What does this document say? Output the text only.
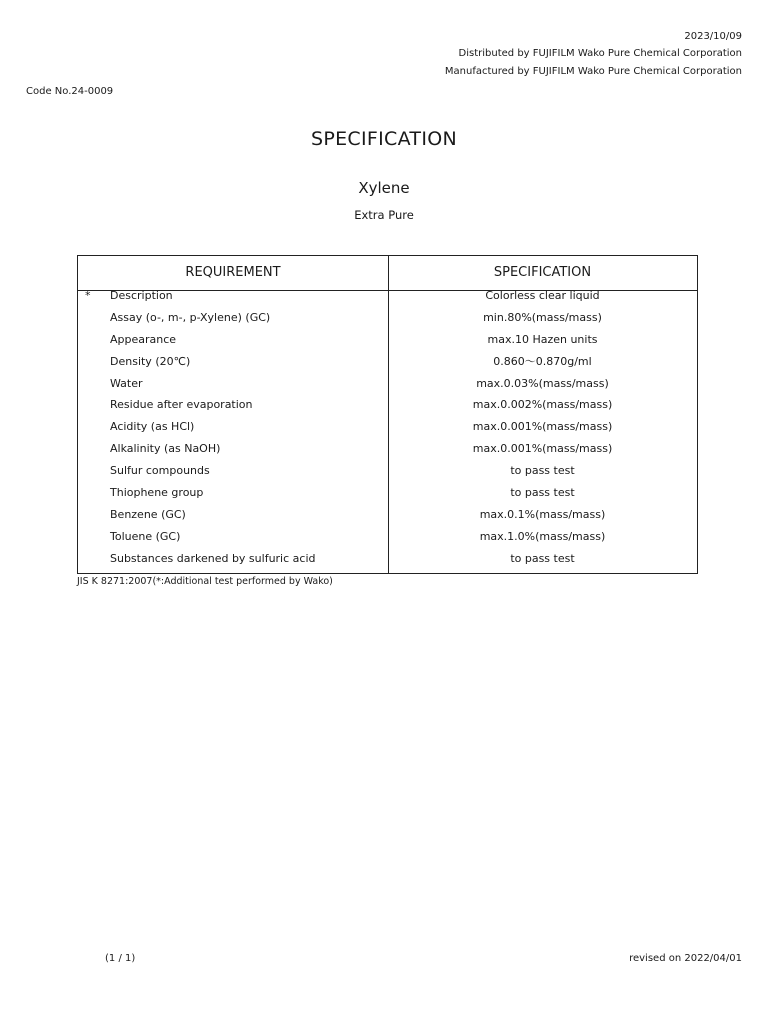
2023/10/09
Distributed by FUJIFILM Wako Pure Chemical Corporation
Manufactured by FUJIFILM Wako Pure Chemical Corporation
Code No.24-0009
SPECIFICATION
Xylene
Extra Pure
REQUIREMENT	SPECIFICATION
* Description	Colorless clear liquid
Assay (o-, m-, p-Xylene) (GC)	min.80%(mass/mass)
Appearance	max.10 Hazen units
Density (20℃)	0.860～0.870g/ml
Water	max.0.03%(mass/mass)
Residue after evaporation	max.0.002%(mass/mass)
Acidity (as HCl)	max.0.001%(mass/mass)
Alkalinity (as NaOH)	max.0.001%(mass/mass)
Sulfur compounds	to pass test
Thiophene group	to pass test
Benzene (GC)	max.0.1%(mass/mass)
Toluene (GC)	max.1.0%(mass/mass)
Substances darkened by sulfuric acid	to pass test
JIS K 8271:2007(*:Additional test performed by Wako)
(1 / 1)	revised on 2022/04/01
